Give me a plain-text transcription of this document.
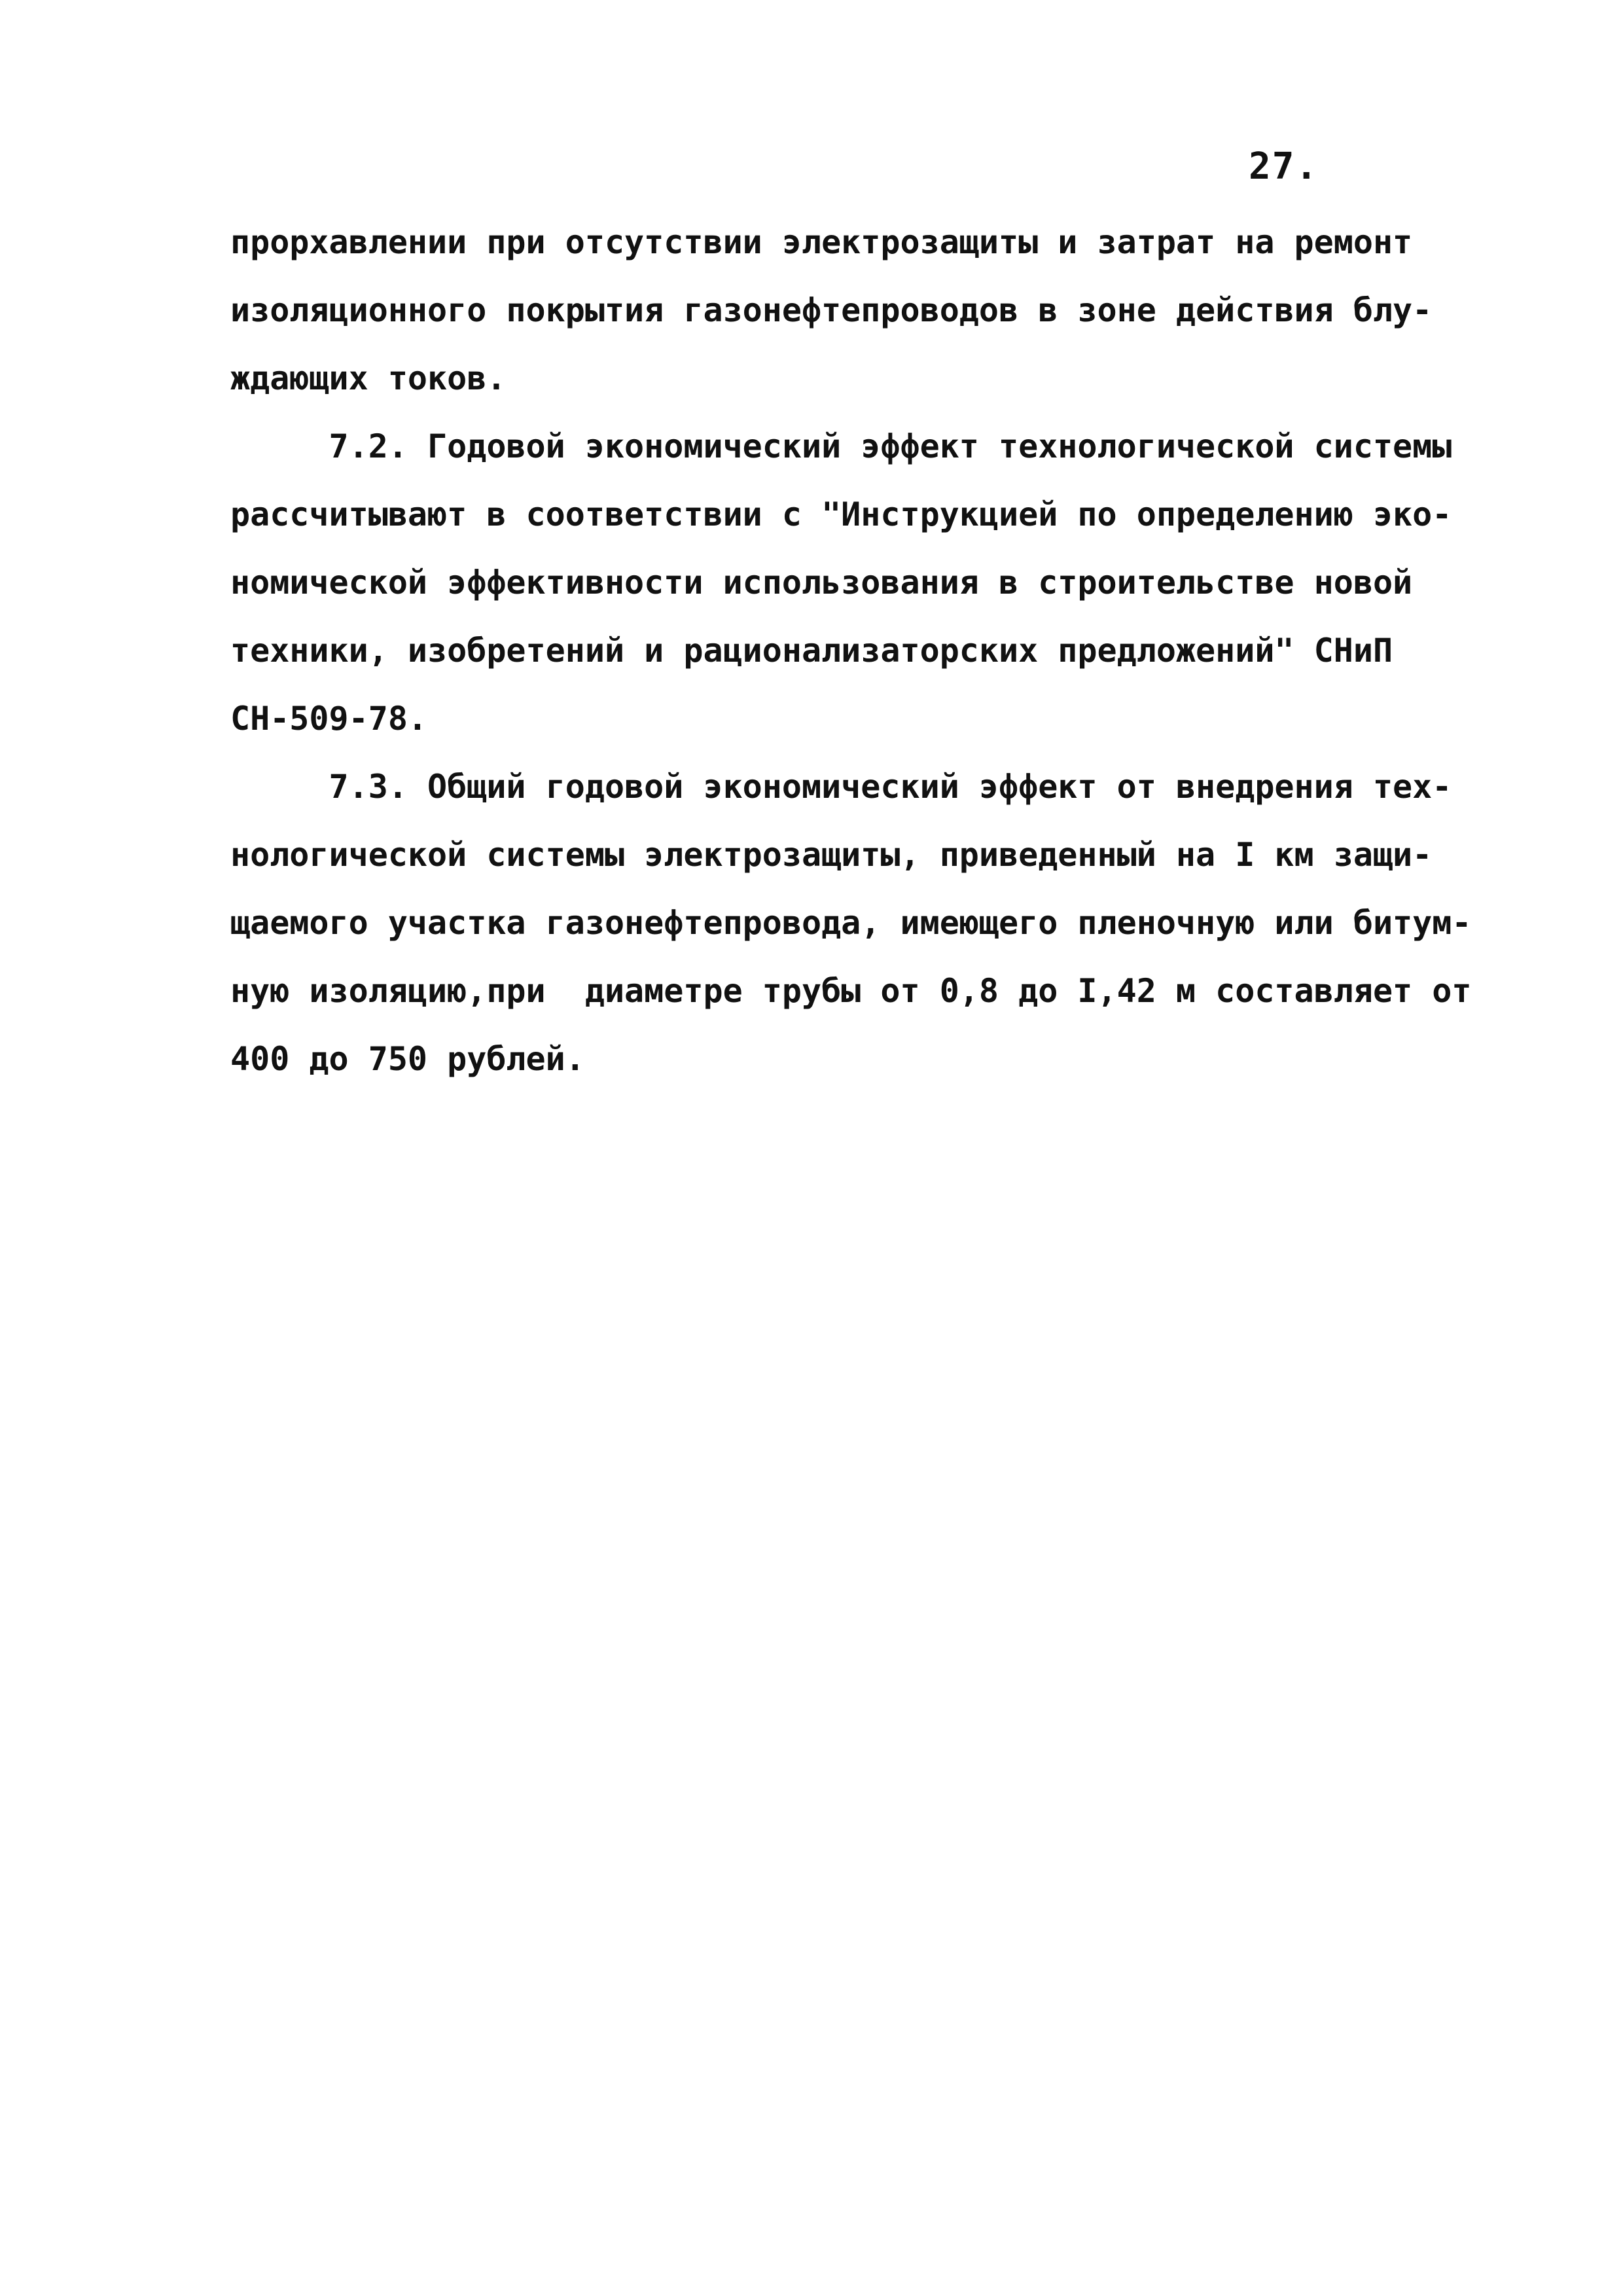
27.
прорхавлении при отсутствии электрозащиты и затрат на ремонт
изоляционного покрытия газонефтепроводов в зоне действия блу-
ждающих токов.
7.2. Годовой экономический эффект технологической системы
рассчитывают в соответствии с "Инструкцией по определению эко-
номической эффективности использования в строительстве новой
техники, изобретений и рационализаторских предложений" СНиП
СН-509-78.
7.3. Общий годовой экономический эффект от внедрения тех-
нологической системы электрозащиты, приведенный на I км защи-
щаемого участка газонефтепровода, имеющего пленочную или битум-
ную изоляцию,при  диаметре трубы от 0,8 до I,42 м составляет от
400 до 750 рублей.
